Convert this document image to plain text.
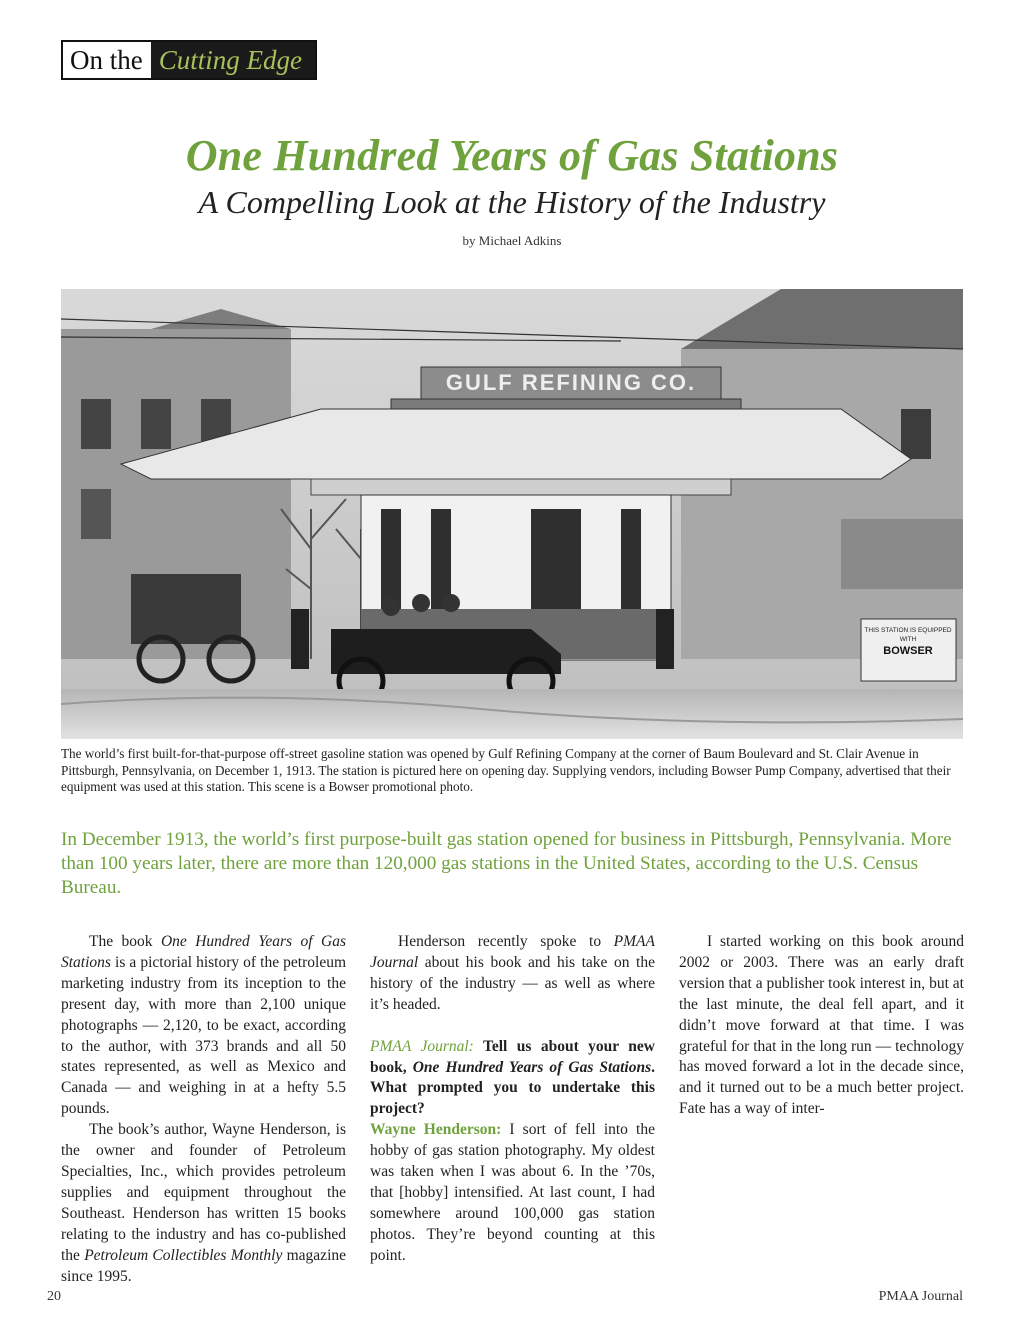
On the Cutting Edge
One Hundred Years of Gas Stations
A Compelling Look at the History of the Industry
by Michael Adkins
GULF REFINING CO.
THIS STATION IS EQUIPPED
WITH
BOWSER
The world’s first built-for-that-purpose off-street gasoline station was opened by Gulf Refining Company at the corner of Baum Boulevard and St. Clair Avenue in Pittsburgh, Pennsylvania, on December 1, 1913. The station is pictured here on opening day. Supplying vendors, including Bowser Pump Company, advertised that their equipment was used at this station. This scene is a Bowser promotional photo.
In December 1913, the world’s first purpose-built gas station opened for business in Pittsburgh, Pennsylvania. More than 100 years later, there are more than 120,000 gas stations in the United States, according to the U.S. Census Bureau.

The book One Hundred Years of Gas Stations is a pictorial history of the petroleum marketing industry from its inception to the present day, with more than 2,100 unique photographs — 2,120, to be exact, according to the author, with 373 brands and all 50 states represented, as well as Mexico and Canada — and weighing in at a hefty 5.5 pounds.

The book’s author, Wayne Henderson, is the owner and founder of Petroleum Specialties, Inc., which provides petroleum supplies and equipment throughout the Southeast. Henderson has written 15 books relating to the industry and has co-published the Petroleum Collectibles Monthly magazine since 1995.

Henderson recently spoke to PMAA Journal about his book and his take on the history of the industry — as well as where it’s headed.

PMAA Journal: Tell us about your new book, One Hundred Years of Gas Stations. What prompted you to undertake this project?

Wayne Henderson: I sort of fell into the hobby of gas station photography. My oldest was taken when I was about 6. In the ’70s, that [hobby] intensified. At last count, I had somewhere around 100,000 gas station photos. They’re beyond counting at this point.

I started working on this book around 2002 or 2003. There was an early draft version that a publisher took interest in, but at the last minute, the deal fell apart, and it didn’t move forward at that time. I was grateful for that in the long run — technology has moved forward a lot in the decade since, and it turned out to be a much better project. Fate has a way of inter-

20	PMAA Journal
